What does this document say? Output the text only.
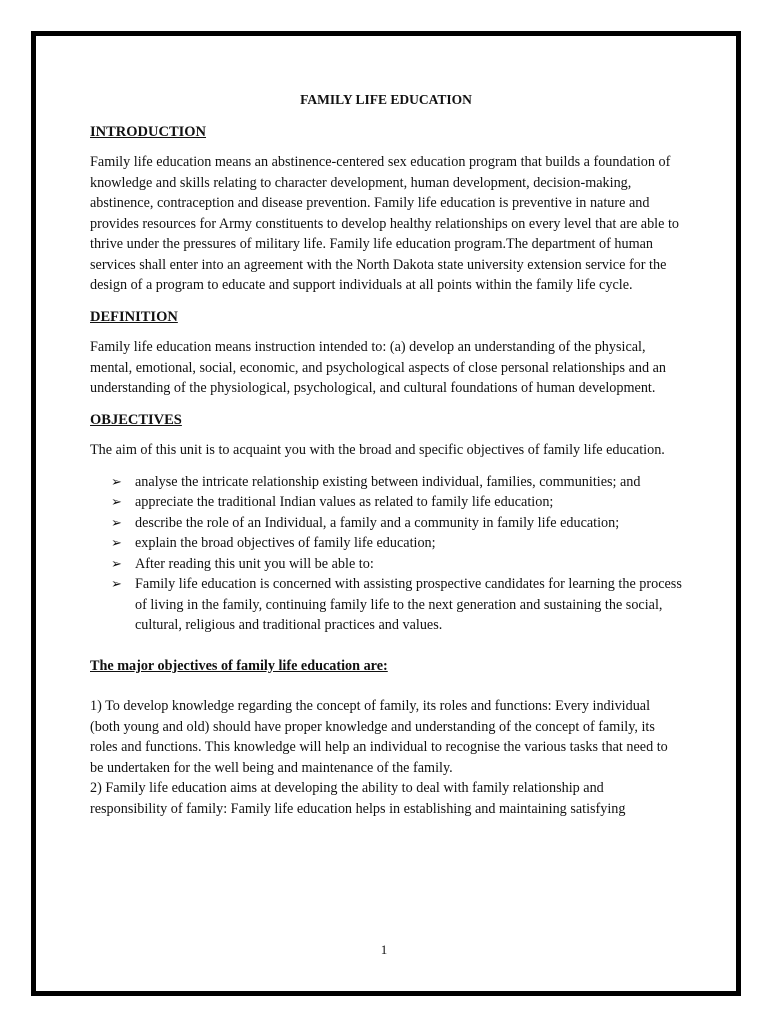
FAMILY LIFE EDUCATION
INTRODUCTION

Family life education means an abstinence-centered sex education program that builds a foundation of knowledge and skills relating to character development, human development, decision-making, abstinence, contraception and disease prevention. Family life education is preventive in nature and provides resources for Army constituents to develop healthy relationships on every level that are able to thrive under the pressures of military life. Family life education program.The department of human services shall enter into an agreement with the North Dakota state university extension service for the design of a program to educate and support individuals at all points within the family life cycle.

DEFINITION

Family life education means instruction intended to: (a) develop an understanding of the physical, mental, emotional, social, economic, and psychological aspects of close personal relationships and an understanding of the physiological, psychological, and cultural foundations of human development.

OBJECTIVES

The aim of this unit is to acquaint you with the broad and specific objectives of family life education.

➢ analyse the intricate relationship existing between individual, families, communities; and
➢ appreciate the traditional Indian values as related to family life education;
➢ describe the role of an Individual, a family and a community in family life education;
➢ explain the broad objectives of family life education;
➢ After reading this unit you will be able to:
➢ Family life education is concerned with assisting prospective candidates for learning the process of living in the family, continuing family life to the next generation and sustaining the social, cultural, religious and traditional practices and values.
The major objectives of family life education are:

1) To develop knowledge regarding the concept of family, its roles and functions: Every individual (both young and old) should have proper knowledge and understanding of the concept of family, its roles and functions. This knowledge will help an individual to recognise the various tasks that need to be undertaken for the well being and maintenance of the family.

2) Family life education aims at developing the ability to deal with family relationship and responsibility of family: Family life education helps in establishing and maintaining satisfying

1
